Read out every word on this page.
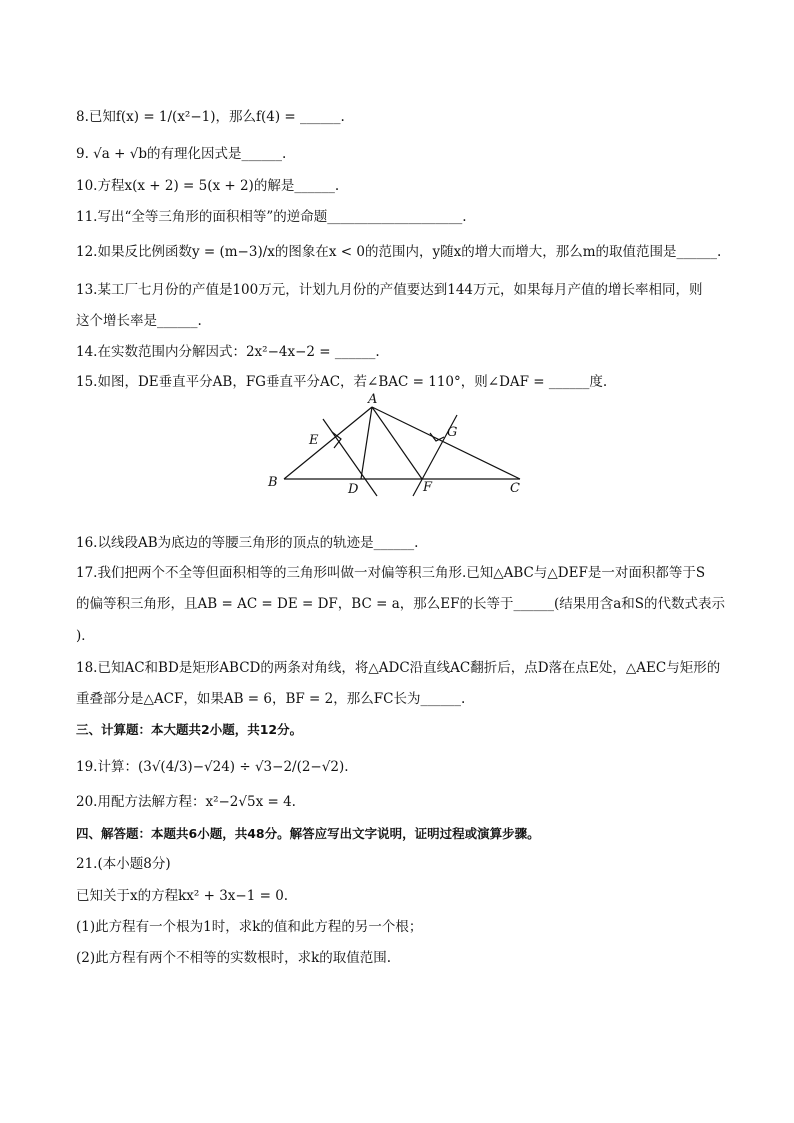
8.已知f(x) = 1/(x²−1)，那么f(4) = ______.
9. √a + √b的有理化因式是______.
10.方程x(x + 2) = 5(x + 2)的解是______.
11.写出“全等三角形的面积相等”的逆命题____________________.
12.如果反比例函数y = (m−3)/x的图象在x < 0的范围内，y随x的增大而增大，那么m的取值范围是______.
13.某工厂七月份的产值是100万元，计划九月份的产值要达到144万元，如果每月产值的增长率相同，则
这个增长率是______.
14.在实数范围内分解因式：2x²−4x−2 = ______.
15.如图，DE垂直平分AB，FG垂直平分AC，若∠BAC = 110°，则∠DAF = ______度.
A
B	C
D
E
F
G
16.以线段AB为底边的等腰三角形的顶点的轨迹是______.
17.我们把两个不全等但面积相等的三角形叫做一对偏等积三角形.已知△ABC与△DEF是一对面积都等于S
的偏等积三角形，且AB = AC = DE = DF，BC = a，那么EF的长等于______(结果用含a和S的代数式表示
)．
18.已知AC和BD是矩形ABCD的两条对角线，将△ADC沿直线AC翻折后，点D落在点E处，△AEC与矩形的
重叠部分是△ACF，如果AB = 6，BF = 2，那么FC长为______.
三、计算题：本大题共2小题，共12分。
19.计算：(3√(4/3)−√24) ÷ √3−2/(2−√2).
20.用配方法解方程：x²−2√5x = 4.
四、解答题：本题共6小题，共48分。解答应写出文字说明，证明过程或演算步骤。
21.(本小题8分)
已知关于x的方程kx² + 3x−1 = 0.
(1)此方程有一个根为1时，求k的值和此方程的另一个根；
(2)此方程有两个不相等的实数根时，求k的取值范围.
